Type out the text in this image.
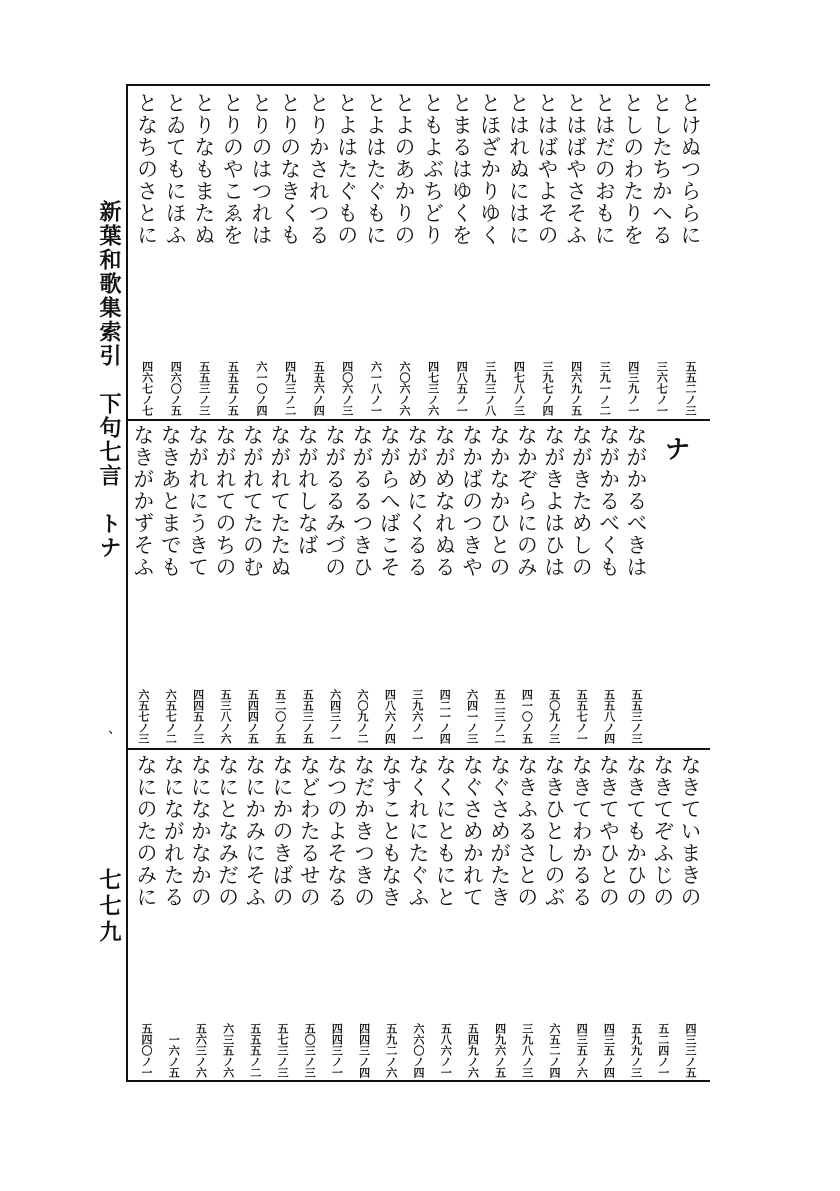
新葉和歌集索引　下句七言　トナ
七七九
、
とけぬつららに
五五二ノ三
としたちかへる
三六七ノ一
としのわたりを
四三九ノ一
とはだのおもに
三九一ノ二
とはばやさそふ
四六九ノ五
とはばやよその
三九七ノ四
とはれぬにはに
四七八ノ三
とほざかりゆく
三九三ノ八
とまるはゆくを
四八五ノ一
ともよぶちどり
四七三ノ六
とよのあかりの
六〇六ノ六
とよはたぐもに
六一八ノ一
とよはたぐもの
四〇六ノ三
とりかされつる
五五六ノ四
とりのなきくも
四九三ノ二
とりのはつれは
六一〇ノ四
とりのやこゑを
五五五ノ五
とりなもまたぬ
五五三ノ三
とゐてもにほふ
四六〇ノ五
となちのさとに
四六七ノ七
ナ
ながかるべきは
五五三ノ三
ながかるべくも
五五八ノ四
ながきためしの
五五七ノ一
ながきよはひは
五〇九ノ三
なかぞらにのみ
四一〇ノ五
なかなかひとの
五二三ノ二
なかばのつきや
六四一ノ三
ながめなれぬる
四二一ノ四
ながめにくるる
三九六ノ一
ながらへばこそ
四八六ノ四
ながるるつきひ
六〇九ノ二
ながるるみづの
六四三ノ一
ながれしなば
五五三ノ五
ながれてたたぬ
五二〇ノ五
ながれてたのむ
五四四ノ五
ながれてのちの
五三八ノ六
ながれにうきて
四四五ノ三
なきあとまでも
六五七ノ二
なきがかずそふ
六五七ノ三
なきていまきの
四三三ノ五
なきてぞふじの
五二四ノ一
なきてもかひの
五九九ノ三
なきてやひとの
四三五ノ四
なきてわかるる
四三五ノ六
なきひとしのぶ
六五二ノ四
なきふるさとの
三九八ノ三
なぐさめがたき
四九六ノ五
なぐさめかれて
五四九ノ六
なくにともにと
五八六ノ一
なくれにたぐふ
六六〇ノ四
なすこともなき
五九二ノ六
なだかきつきの
四四三ノ四
なつのよそなる
四四三ノ一
などわたるせの
五〇三ノ三
なにかのきばの
五七三ノ三
なにかみにそふ
五五五ノ二
なにとなみだの
六三五ノ六
なになかなかの
五六三ノ六
なにながれたる
一六ノ五
なにのたのみに
五四〇ノ一
